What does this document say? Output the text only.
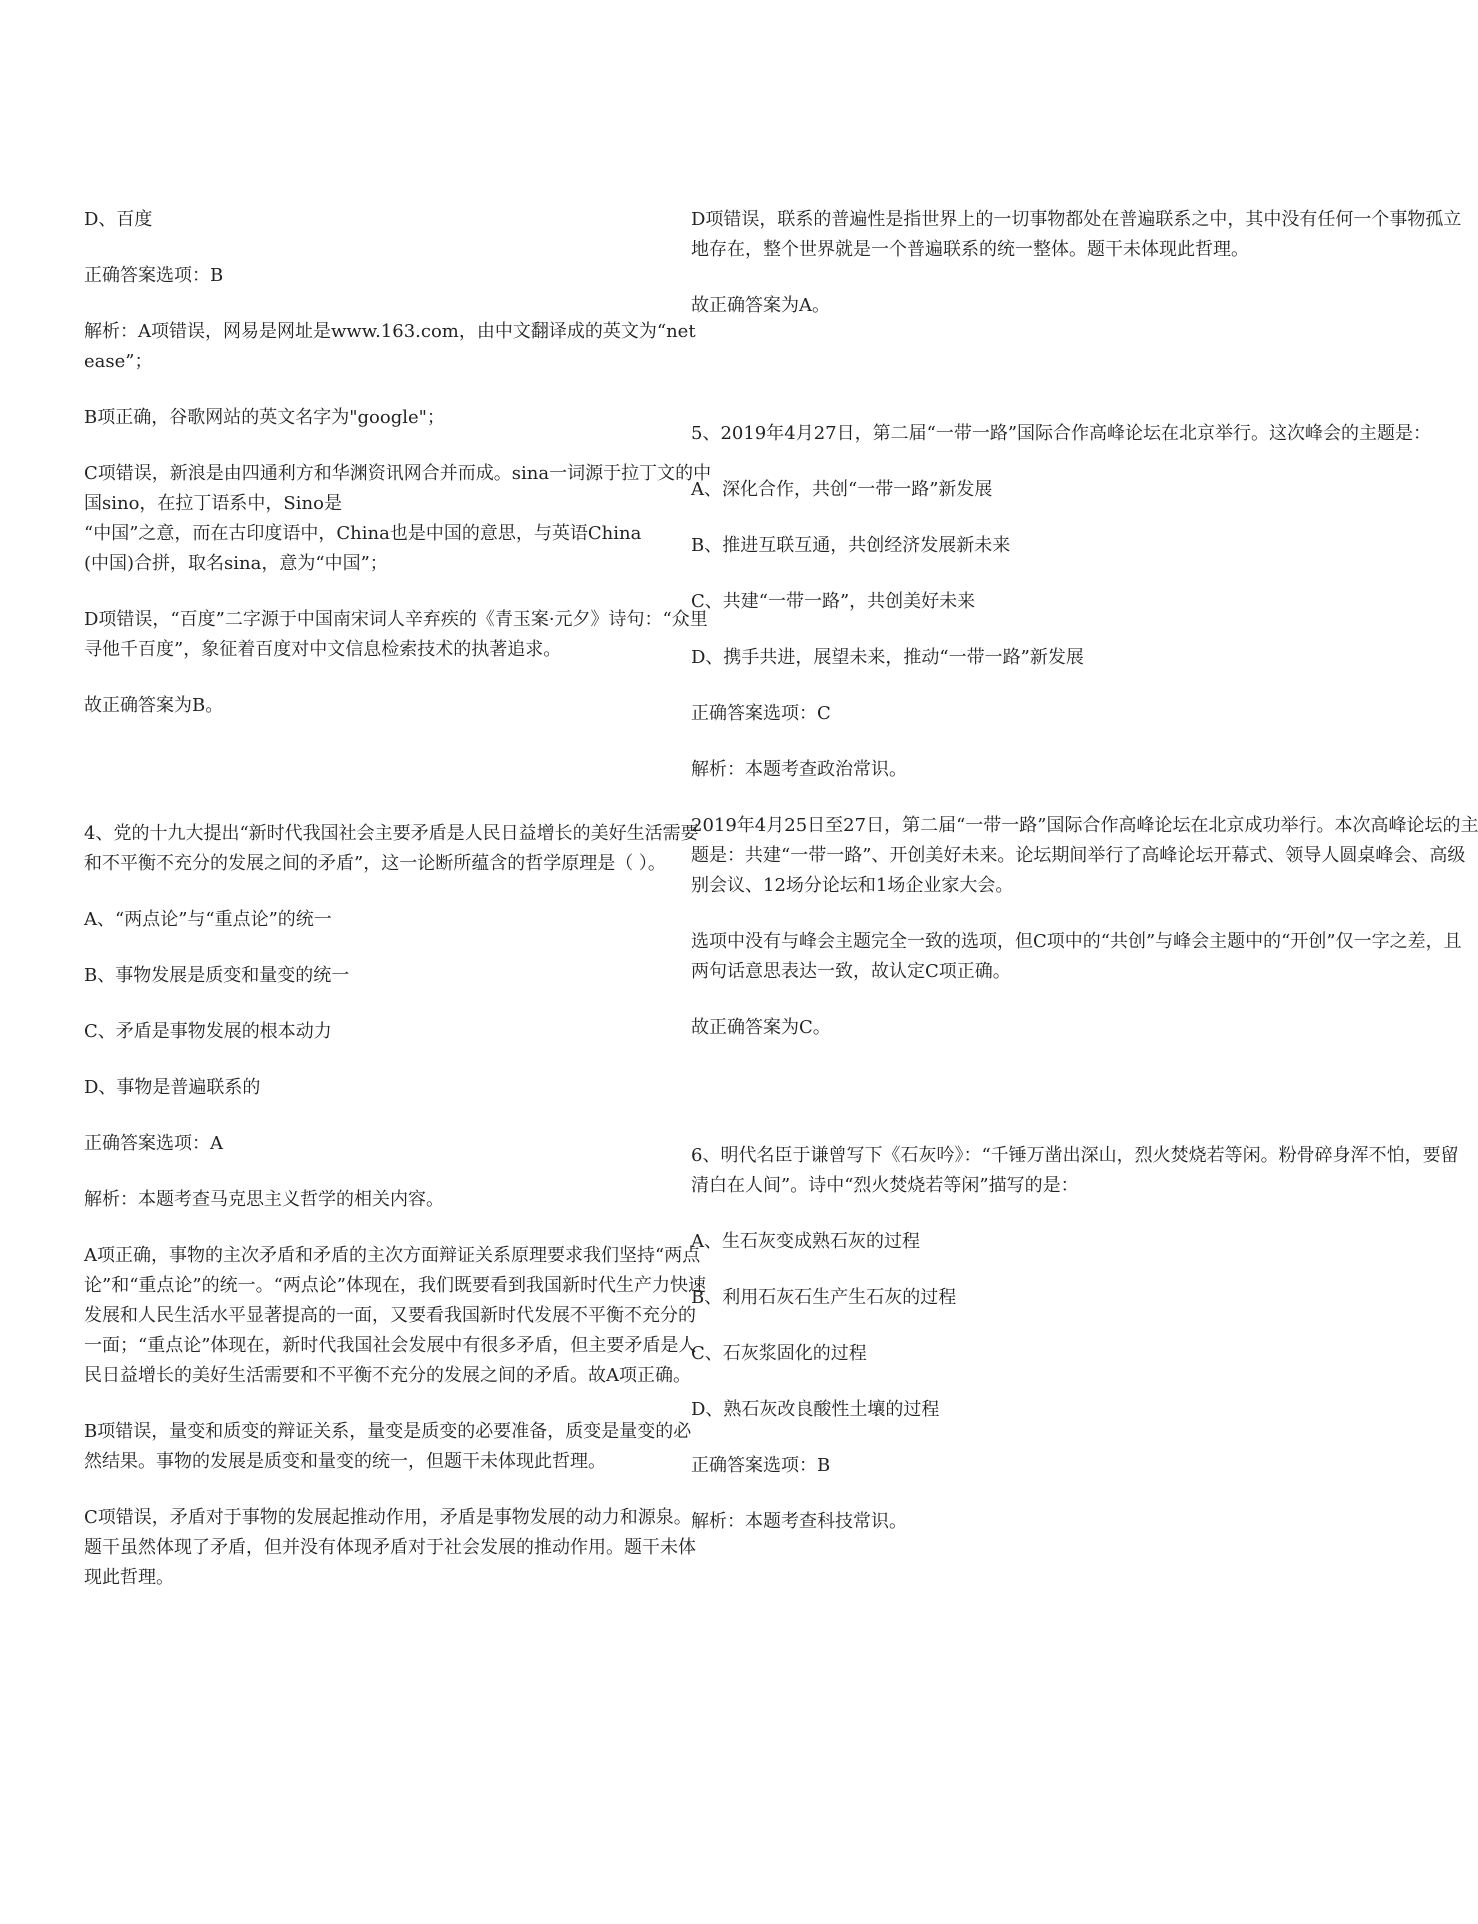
D、百度

正确答案选项：B

解析：A项错误，网易是网址是www.163.com，由中文翻译成的英文为“net

ease”；

B项正确，谷歌网站的英文名字为"google"；

C项错误，新浪是由四通利方和华渊资讯网合并而成。sina一词源于拉丁文的中

国sino，在拉丁语系中，Sino是

“中国”之意，而在古印度语中，China也是中国的意思，与英语China

(中国)合拼，取名sina，意为“中国”；

D项错误，“百度”二字源于中国南宋词人辛弃疾的《青玉案·元夕》诗句：“众里

寻他千百度”，象征着百度对中文信息检索技术的执著追求。

故正确答案为B。

4、党的十九大提出“新时代我国社会主要矛盾是人民日益增长的美好生活需要

和不平衡不充分的发展之间的矛盾”，这一论断所蕴含的哲学原理是（ ）。

A、“两点论”与“重点论”的统一

B、事物发展是质变和量变的统一

C、矛盾是事物发展的根本动力

D、事物是普遍联系的

正确答案选项：A

解析：本题考查马克思主义哲学的相关内容。

A项正确，事物的主次矛盾和矛盾的主次方面辩证关系原理要求我们坚持“两点

论”和“重点论”的统一。“两点论”体现在，我们既要看到我国新时代生产力快速

发展和人民生活水平显著提高的一面，又要看我国新时代发展不平衡不充分的

一面；“重点论”体现在，新时代我国社会发展中有很多矛盾，但主要矛盾是人

民日益增长的美好生活需要和不平衡不充分的发展之间的矛盾。故A项正确。

B项错误，量变和质变的辩证关系，量变是质变的必要准备，质变是量变的必

然结果。事物的发展是质变和量变的统一，但题干未体现此哲理。

C项错误，矛盾对于事物的发展起推动作用，矛盾是事物发展的动力和源泉。

题干虽然体现了矛盾，但并没有体现矛盾对于社会发展的推动作用。题干未体

现此哲理。

D项错误，联系的普遍性是指世界上的一切事物都处在普遍联系之中，其中没有任何一个事物孤立

地存在，整个世界就是一个普遍联系的统一整体。题干未体现此哲理。

故正确答案为A。

5、2019年4月27日，第二届“一带一路”国际合作高峰论坛在北京举行。这次峰会的主题是：

A、深化合作，共创“一带一路”新发展

B、推进互联互通，共创经济发展新未来

C、共建“一带一路”，共创美好未来

D、携手共进，展望未来，推动“一带一路”新发展

正确答案选项：C

解析：本题考查政治常识。

2019年4月25日至27日，第二届“一带一路”国际合作高峰论坛在北京成功举行。本次高峰论坛的主

题是：共建“一带一路”、开创美好未来。论坛期间举行了高峰论坛开幕式、领导人圆桌峰会、高级

别会议、12场分论坛和1场企业家大会。

选项中没有与峰会主题完全一致的选项，但C项中的“共创”与峰会主题中的“开创”仅一字之差，且

两句话意思表达一致，故认定C项正确。

故正确答案为C。

6、明代名臣于谦曾写下《石灰吟》：“千锤万凿出深山，烈火焚烧若等闲。粉骨碎身浑不怕，要留

清白在人间”。诗中“烈火焚烧若等闲”描写的是：

A、生石灰变成熟石灰的过程

B、利用石灰石生产生石灰的过程

C、石灰浆固化的过程

D、熟石灰改良酸性土壤的过程

正确答案选项：B

解析：本题考查科技常识。
